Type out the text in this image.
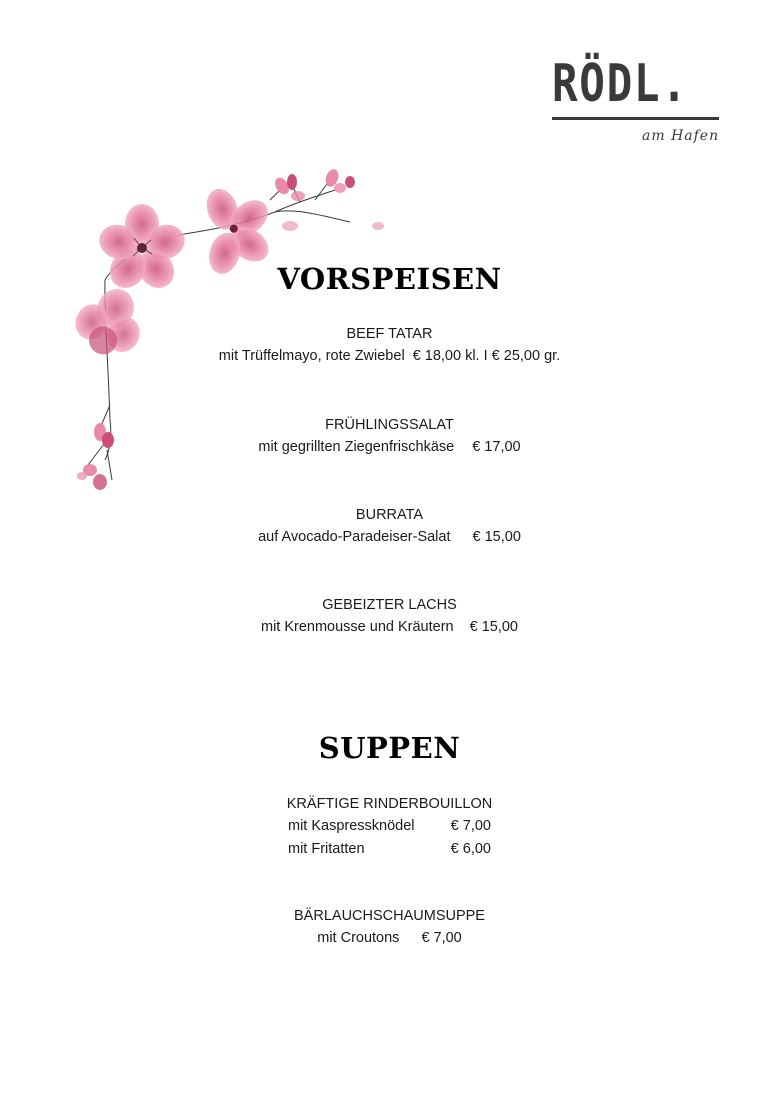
RÖDL.
am Hafen
VORSPEISEN
BEEF TATAR
mit Trüffelmayo, rote Zwiebel € 18,00 kl. I € 25,00 gr.
FRÜHLINGSSALAT
mit gegrillten Ziegenfrischkäse € 17,00
BURRATA
auf Avocado-Paradeiser-Salat € 15,00
GEBEIZTER LACHS
mit Krenmousse und Kräutern € 15,00
SUPPEN
KRÄFTIGE RINDERBOUILLON
mit Kaspressknödel € 7,00
mit Fritatten	€ 6,00
BÄRLAUCHSCHAUMSUPPE
mit Croutons € 7,00
